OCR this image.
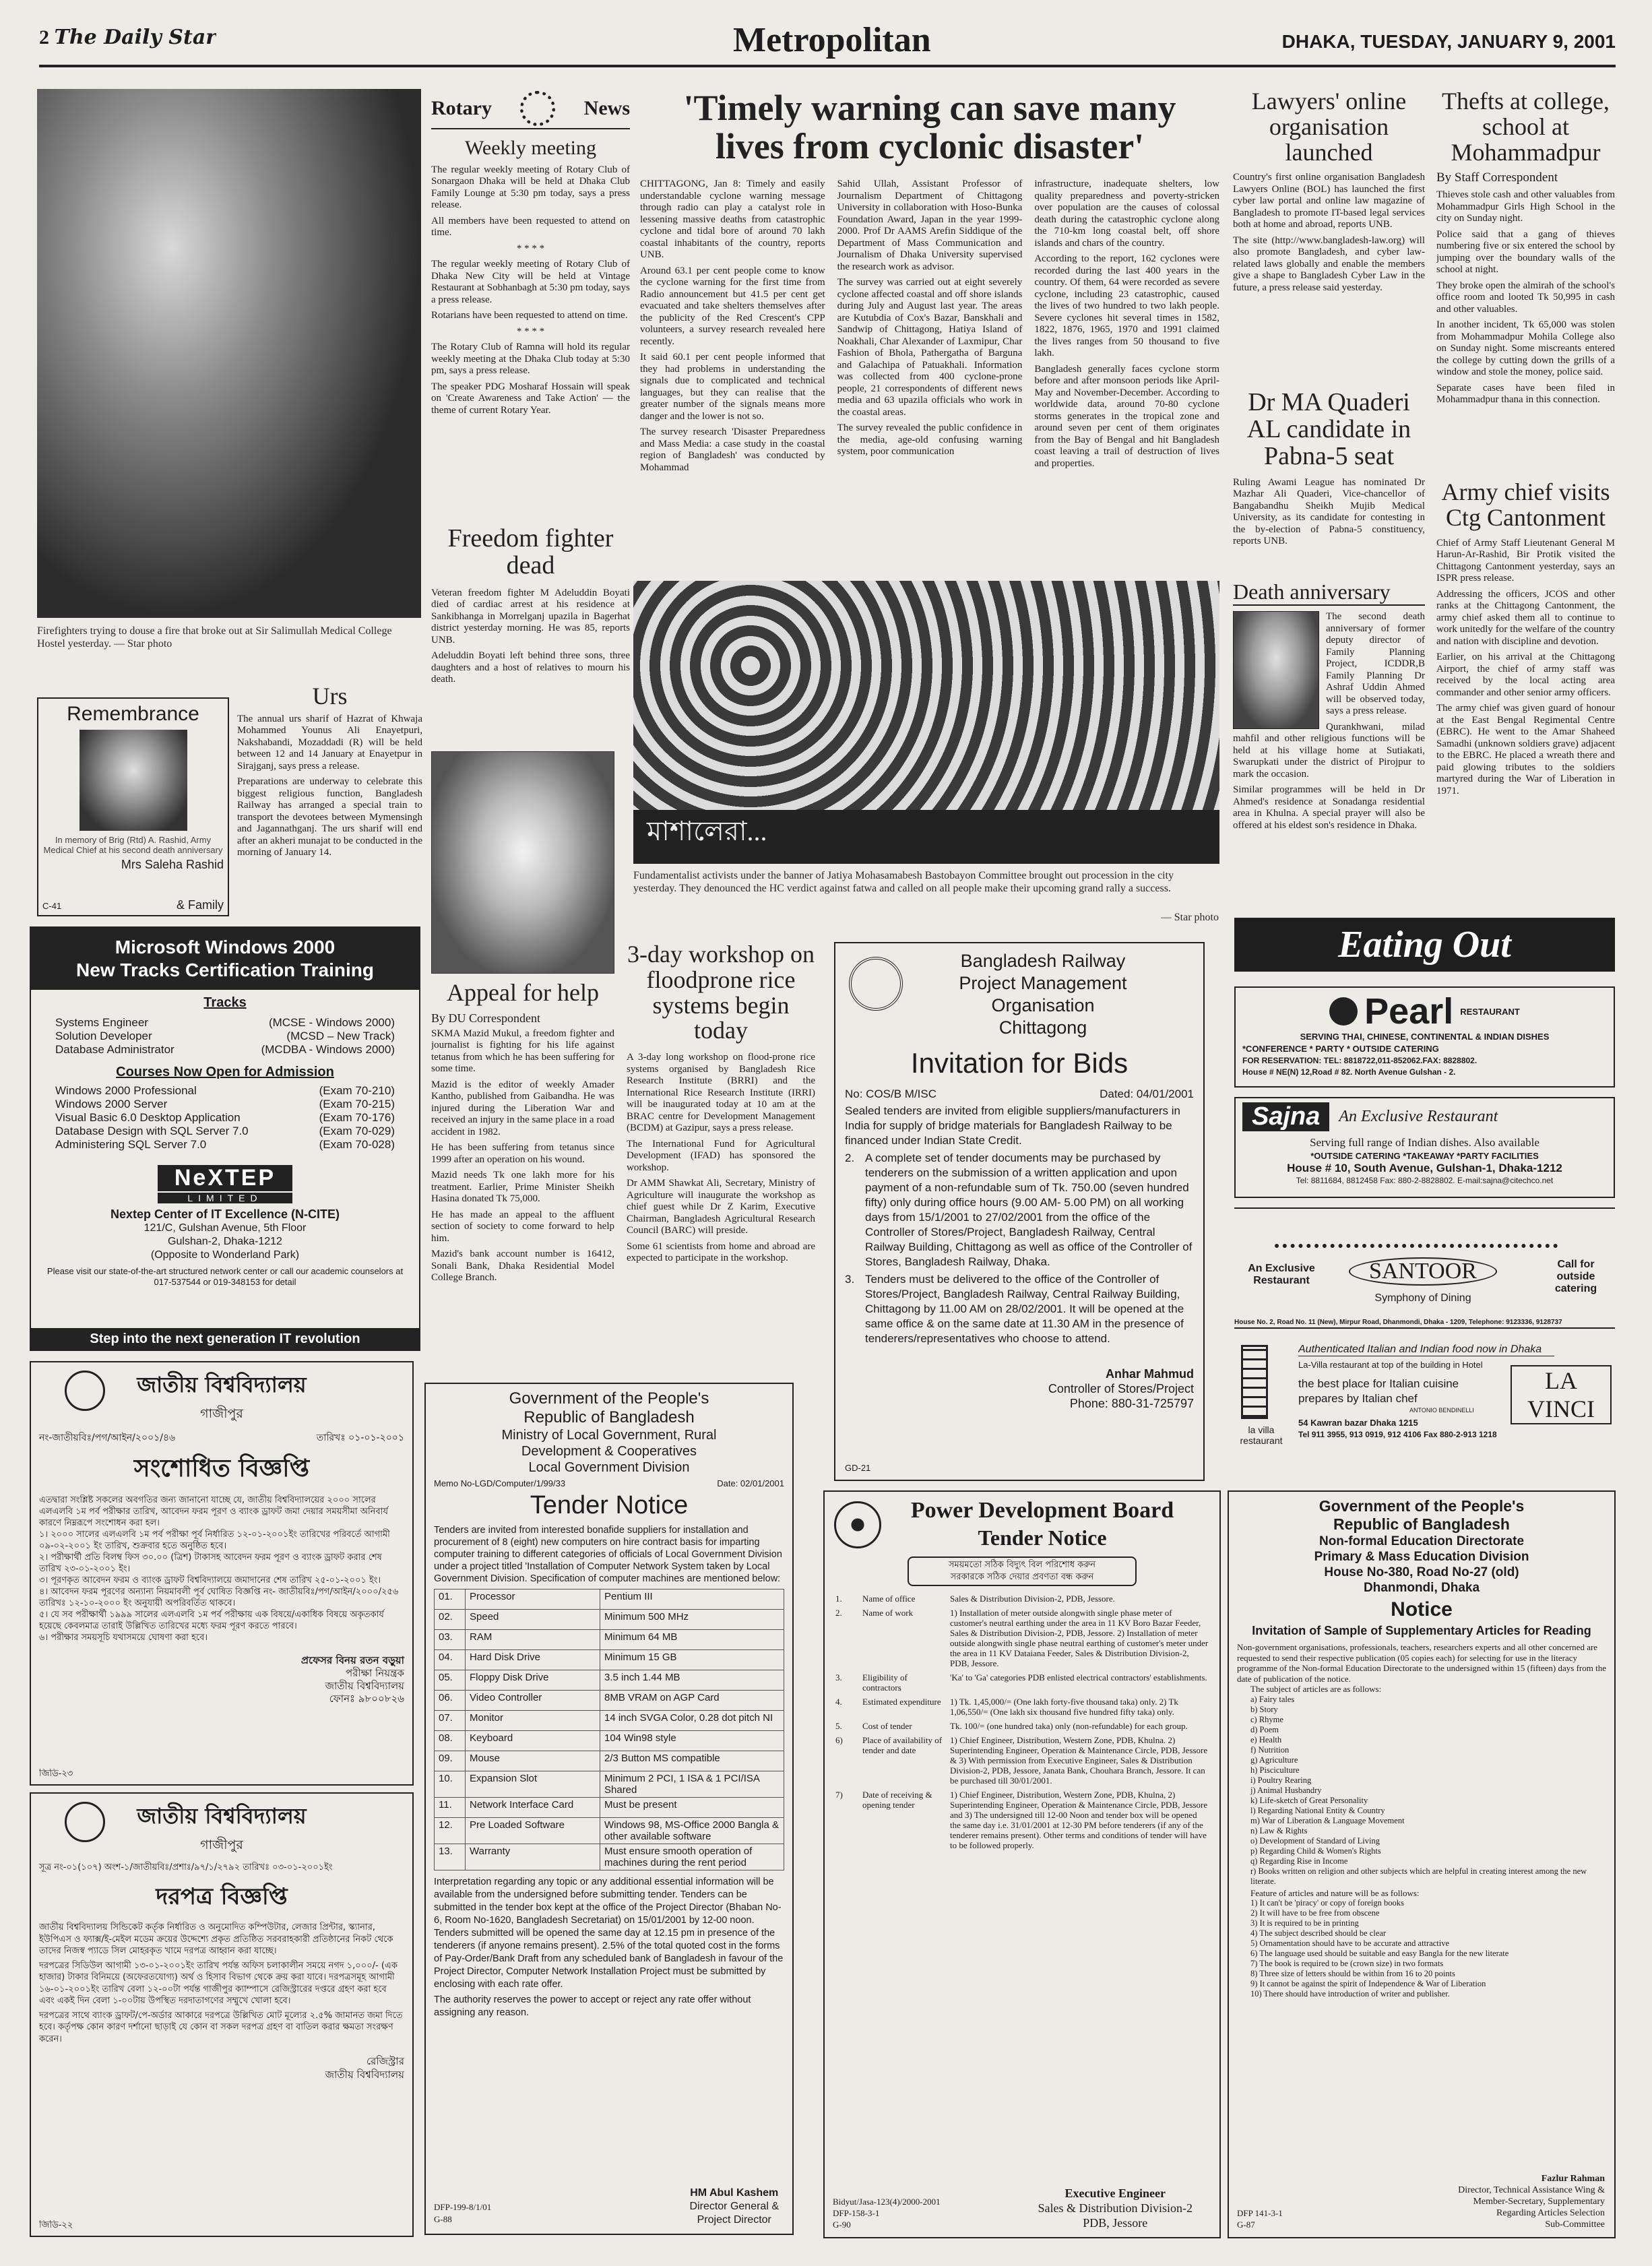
2 The Daily Star	Metropolitan	DHAKA, TUESDAY, JANUARY 9, 2001
Firefighters trying to douse a fire that broke out at Sir Salimullah Medical College Hostel yesterday. — Star photo
Rotary	News
Weekly meeting

The regular weekly meeting of Rotary Club of Sonargaon Dhaka will be held at Dhaka Club Family Lounge at 5:30 pm today, says a press release.

All members have been requested to attend on time.

* * * *

The regular weekly meeting of Rotary Club of Dhaka New City will be held at Vintage Restaurant at Sobhanbagh at 5:30 pm today, says a press release.

Rotarians have been requested to attend on time.

* * * *

The Rotary Club of Ramna will hold its regular weekly meeting at the Dhaka Club today at 5:30 pm, says a press release.

The speaker PDG Mosharaf Hossain will speak on 'Create Awareness and Take Action' — the theme of current Rotary Year.

Freedom fighter dead

Veteran freedom fighter M Adeluddin Boyati died of cardiac arrest at his residence at Sankibhanga in Morrelganj upazila in Bagerhat district yesterday morning. He was 85, reports UNB.

Adeluddin Boyati left behind three sons, three daughters and a host of relatives to mourn his death.

'Timely warning can save many lives from cyclonic disaster'

CHITTAGONG, Jan 8: Timely and easily understandable cyclone warning message through radio can play a catalyst role in lessening massive deaths from catastrophic cyclone and tidal bore of around 70 lakh coastal inhabitants of the country, reports UNB.

Around 63.1 per cent people come to know the cyclone warning for the first time from Radio announcement but 41.5 per cent get evacuated and take shelters themselves after the publicity of the Red Crescent's CPP volunteers, a survey research revealed here recently.

It said 60.1 per cent people informed that they had problems in understanding the signals due to complicated and technical languages, but they can realise that the greater number of the signals means more danger and the lower is not so.

The survey research 'Disaster Preparedness and Mass Media: a case study in the coastal region of Bangladesh' was conducted by Mohammad

Sahid Ullah, Assistant Professor of Journalism Department of Chittagong University in collaboration with Hoso-Bunka Foundation Award, Japan in the year 1999-2000. Prof Dr AAMS Arefin Siddique of the Department of Mass Communication and Journalism of Dhaka University supervised the research work as advisor.

The survey was carried out at eight severely cyclone affected coastal and off shore islands during July and August last year. The areas are Kutubdia of Cox's Bazar, Banskhali and Sandwip of Chittagong, Hatiya Island of Noakhali, Char Alexander of Laxmipur, Char Fashion of Bhola, Pathergatha of Barguna and Galachipa of Patuakhali. Information was collected from 400 cyclone-prone people, 21 correspondents of different news media and 63 upazila officials who work in the coastal areas.

The survey revealed the public confidence in the media, age-old confusing warning system, poor communication

infrastructure, inadequate shelters, low quality preparedness and poverty-stricken over population are the causes of colossal death during the catastrophic cyclone along the 710-km long coastal belt, off shore islands and chars of the country.

According to the report, 162 cyclones were recorded during the last 400 years in the country. Of them, 64 were recorded as severe cyclone, including 23 catastrophic, caused the lives of two hundred to two lakh people. Severe cyclones hit several times in 1582, 1822, 1876, 1965, 1970 and 1991 claimed the lives ranges from 50 thousand to five lakh.

Bangladesh generally faces cyclone storm before and after monsoon periods like April-May and November-December. According to worldwide data, around 70-80 cyclone storms generates in the tropical zone and around seven per cent of them originates from the Bay of Bengal and hit Bangladesh coast leaving a trail of destruction of lives and properties.

Lawyers' online organisation launched

Country's first online organisation Bangladesh Lawyers Online (BOL) has launched the first cyber law portal and online law magazine of Bangladesh to promote IT-based legal services both at home and abroad, reports UNB.

The site (http://www.bangladesh-law.org) will also promote Bangladesh, and cyber law-related laws globally and enable the members give a shape to Bangladesh Cyber Law in the future, a press release said yesterday.

Thefts at college, school at Mohammadpur
By Staff Correspondent

Thieves stole cash and other valuables from Mohammadpur Girls High School in the city on Sunday night.

Police said that a gang of thieves numbering five or six entered the school by jumping over the boundary walls of the school at night.

They broke open the almirah of the school's office room and looted Tk 50,995 in cash and other valuables.

In another incident, Tk 65,000 was stolen from Mohammadpur Mohila College also on Sunday night. Some miscreants entered the college by cutting down the grills of a window and stole the money, police said.

Separate cases have been filed in Mohammadpur thana in this connection.

Dr MA Quaderi AL candidate in Pabna-5 seat

Ruling Awami League has nominated Dr Mazhar Ali Quaderi, Vice-chancellor of Bangabandhu Sheikh Mujib Medical University, as its candidate for contesting in the by-election of Pabna-5 constituency, reports UNB.

Army chief visits Ctg Cantonment

Chief of Army Staff Lieutenant General M Harun-Ar-Rashid, Bir Protik visited the Chittagong Cantonment yesterday, says an ISPR press release.

Addressing the officers, JCOS and other ranks at the Chittagong Cantonment, the army chief asked them all to continue to work unitedly for the welfare of the country and nation with discipline and devotion.

Earlier, on his arrival at the Chittagong Airport, the chief of army staff was received by the local acting area commander and other senior army officers.

The army chief was given guard of honour at the East Bengal Regimental Centre (EBRC). He went to the Amar Shaheed Samadhi (unknown soldiers grave) adjacent to the EBRC. He placed a wreath there and paid glowing tributes to the soldiers martyred during the War of Liberation in 1971.

Death anniversary

The second death anniversary of former deputy director of Family Planning Project, ICDDR,B Family Planning Dr Ashraf Uddin Ahmed will be observed today, says a press release.

Qurankhwani, milad mahfil and other religious functions will be held at his village home at Sutiakati, Swarupkati under the district of Pirojpur to mark the occasion.

Similar programmes will be held in Dr Ahmed's residence at Sonadanga residential area in Khulna. A special prayer will also be offered at his eldest son's residence in Dhaka.

Remembrance
In memory of Brig (Rtd) A. Rashid, Army Medical Chief at his second death anniversary
Mrs Saleha Rashid
C-41	& Family
Urs

The annual urs sharif of Hazrat of Khwaja Mohammed Younus Ali Enayetpuri, Nakshabandi, Mozaddadi (R) will be held between 12 and 14 January at Enayetpur in Sirajganj, says press a release.

Preparations are underway to celebrate this biggest religious function, Bangladesh Railway has arranged a special train to transport the devotees between Mymensingh and Jagannathganj. The urs sharif will end after an akheri munajat to be conducted in the morning of January 14.

Appeal for help
By DU Correspondent

SKMA Mazid Mukul, a freedom fighter and journalist is fighting for his life against tetanus from which he has been suffering for some time.

Mazid is the editor of weekly Amader Kantho, published from Gaibandha. He was injured during the Liberation War and received an injury in the same place in a road accident in 1982.

He has been suffering from tetanus since 1999 after an operation on his wound.

Mazid needs Tk one lakh more for his treatment. Earlier, Prime Minister Sheikh Hasina donated Tk 75,000.

He has made an appeal to the affluent section of society to come forward to help him.

Mazid's bank account number is 16412, Sonali Bank, Dhaka Residential Model College Branch.

মাশালেরা...
Fundamentalist activists under the banner of Jatiya Mohasamabesh Bastobayon Committee brought out procession in the city yesterday. They denounced the HC verdict against fatwa and called on all people make their upcoming grand rally a success.
— Star photo
3-day workshop on floodprone rice systems begin today

A 3-day long workshop on flood-prone rice systems organised by Bangladesh Rice Research Institute (BRRI) and the International Rice Research Institute (IRRI) will be inaugurated today at 10 am at the BRAC centre for Development Management (BCDM) at Gazipur, says a press release.

The International Fund for Agricultural Development (IFAD) has sponsored the workshop.

Dr AMM Shawkat Ali, Secretary, Ministry of Agriculture will inaugurate the workshop as chief guest while Dr Z Karim, Executive Chairman, Bangladesh Agricultural Research Council (BARC) will preside.

Some 61 scientists from home and abroad are expected to participate in the workshop.

Bangladesh Railway
Project Management
Organisation
Chittagong
Invitation for Bids
No: COS/B M/ISC	Dated: 04/01/2001
Sealed tenders are invited from eligible suppliers/manufacturers in India for supply of bridge materials for Bangladesh Railway to be financed under Indian State Credit.
2. A complete set of tender documents may be purchased by tenderers on the submission of a written application and upon payment of a non-refundable sum of Tk. 750.00 (seven hundred fifty) only during office hours (9.00 AM- 5.00 PM) on all working days from 15/1/2001 to 27/02/2001 from the office of the Controller of Stores/Project, Bangladesh Railway, Central Railway Building, Chittagong as well as office of the Controller of Stores, Bangladesh Railway, Dhaka.
3. Tenders must be delivered to the office of the Controller of Stores/Project, Bangladesh Railway, Central Railway Building, Chittagong by 11.00 AM on 28/02/2001. It will be opened at the same office & on the same date at 11.30 AM in the presence of tenderers/representatives who choose to attend.
Anhar Mahmud
Controller of Stores/Project
Phone: 880-31-725797
GD-21
Eating Out
Pearl RESTAURANT
SERVING THAI, CHINESE, CONTINENTAL & INDIAN DISHES
*CONFERENCE * PARTY * OUTSIDE CATERING
FOR RESERVATION: TEL: 8818722,011-852062.FAX: 8828802.
House # NE(N) 12,Road # 82. North Avenue Gulshan - 2.
Sajna	An Exclusive Restaurant
Serving full range of Indian dishes. Also available
*OUTSIDE CATERING *TAKEAWAY *PARTY FACILITIES
House # 10, South Avenue, Gulshan-1, Dhaka-1212
Tel: 8811684, 8812458 Fax: 880-2-8828802. E-mail:sajna@citechco.net
An Exclusive Restaurant	SANTOOR
Symphony of Dining
Call for outside catering
House No. 2, Road No. 11 (New), Mirpur Road, Dhanmondi, Dhaka - 1209, Telephone: 9123336, 9128737
la villa restaurant
Authenticated Italian and Indian food now in Dhaka
La-Villa restaurant at top of the building in Hotel
the best place for Italian cuisine
prepares by Italian chef
ANTONIO BENDINELLI
54 Kawran bazar Dhaka 1215
Tel 911 3955, 913 0919, 912 4106 Fax 880-2-913 1218
LA VINCI
Microsoft Windows 2000
New Tracks Certification Training
Tracks
Systems Engineer	(MCSE - Windows 2000)
Solution Developer	(MCSD – New Track)
Database Administrator	(MCDBA - Windows 2000)
Courses Now Open for Admission
Windows 2000 Professional	(Exam 70-210)
Windows 2000 Server	(Exam 70-215)
Visual Basic 6.0 Desktop Application	(Exam 70-176)
Database Design with SQL Server 7.0	(Exam 70-029)
Administering SQL Server 7.0	(Exam 70-028)
NeXTEP
LIMITED
Nextep Center of IT Excellence (N-CITE)
121/C, Gulshan Avenue, 5th Floor
Gulshan-2, Dhaka-1212
(Opposite to Wonderland Park)
Please visit our state-of-the-art structured network center or call our academic counselors at 017-537544 or 019-348153 for detail
Step into the next generation IT revolution
জাতীয় বিশ্ববিদ্যালয়
গাজীপুর
নং-জাতীয়বিঃ/পগ/আইন/২০০১/৪৬	তারিখঃ ০১-০১-২০০১
সংশোধিত বিজ্ঞপ্তি
এতদ্বারা সংশ্লিষ্ট সকলের অবগতির জন্য জানানো যাচ্ছে যে, জাতীয় বিশ্ববিদ্যালয়ের ২০০০ সালের এলএলবি ১ম পর্ব পরীক্ষার তারিখ, আবেদন ফরম পূরণ ও ব্যাংক ড্রাফট জমা দেয়ার সময়সীমা অনিবার্য কারণে নিম্নরূপে সংশোধন করা হল।
১। ২০০০ সালের এলএলবি ১ম পর্ব পরীক্ষা পূর্ব নির্ধারিত ১২-০১-২০০১ইং তারিখের পরিবর্তে আগামী ০৯-০২-২০০১ ইং তারিখ, শুক্রবার হতে অনুষ্ঠিত হবে।
২। পরীক্ষার্থী প্রতি বিলম্ব ফিস ৩০.০০ (ত্রিশ) টাকাসহ আবেদন ফরম পূরণ ও ব্যাংক ড্রাফট করার শেষ তারিখ ২৩-০১-২০০১ ইং।
৩। পূরণকৃত আবেদন ফরম ও ব্যাংক ড্রাফট বিশ্ববিদ্যালয়ে জমাদানের শেষ তারিখ ২৫-০১-২০০১ ইং।
৪। আবেদন ফরম পূরণের অন্যান্য নিয়মাবলী পূর্ব ঘোষিত বিজ্ঞপ্তি নং- জাতীয়বিঃ/পগ/আইন/২০০০/২৫৬ তারিখঃ ১২-১০-২০০০ ইং অনুযায়ী অপরিবর্তিত থাকবে।
৫। যে সব পরীক্ষার্থী ১৯৯৯ সালের এলএলবি ১ম পর্ব পরীক্ষায় এক বিষয়ে/একাধিক বিষয়ে অকৃতকার্য হয়েছে কেবলমাত্র তারাই উল্লিখিত তারিখের মধ্যে ফরম পূরণ করতে পারবে।
৬। পরীক্ষার সময়সূচি যথাসময়ে ঘোষণা করা হবে।
প্রফেসর বিনয় রতন বড়ুয়া
পরীক্ষা নিয়ন্ত্রক
জাতীয় বিশ্ববিদ্যালয়
ফোনঃ ৯৮০০৮২৬
জিডি-২৩
জাতীয় বিশ্ববিদ্যালয়
গাজীপুর
সূত্র নং-০১(১০৭) অংশ-১/জাতীয়বিঃ/প্রশাঃ/৯৭/১/২৭৯২ তারিখঃ ০৩-০১-২০০১ইং
দরপত্র বিজ্ঞপ্তি
জাতীয় বিশ্ববিদ্যালয় সিন্ডিকেট কর্তৃক নির্ধারিত ও অনুমোদিত কম্পিউটার, লেজার প্রিন্টার, স্ক্যানার, ইউপিএস ও ফ্যাক্স/ই-মেইল মডেম ক্রয়ের উদ্দেশ্যে প্রকৃত প্রতিষ্ঠিত সরবরাহকারী প্রতিষ্ঠানের নিকট থেকে তাদের নিজস্ব প্যাডে সিল মোহরকৃত খামে দরপত্র আহ্বান করা যাচ্ছে।
দরপত্রের সিডিউল আগামী ১৩-০১-২০০১ইং তারিখ পর্যন্ত অফিস চলাকালীন সময়ে নগদ ১,০০০/- (এক হাজার) টাকার বিনিময়ে (অফেরতযোগ্য) অর্থ ও হিসাব বিভাগ থেকে ক্রয় করা যাবে। দরপত্রসমূহ আগামী ১৬-০১-২০০১ইং তারিখ বেলা ১২-০০টা পর্যন্ত গাজীপুর ক্যাম্পাসে রেজিস্ট্রারের দপ্তরে গ্রহণ করা হবে এবং একই দিন বেলা ১-০০টায় উপস্থিত দরদাতাগণের সম্মুখে খোলা হবে।
দরপত্রের সাথে ব্যাংক ড্রাফট/পে-অর্ডার আকারে দরপত্রে উল্লিখিত মোট মূল্যের ২.৫% জামানত জমা দিতে হবে। কর্তৃপক্ষ কোন কারণ দর্শানো ছাড়াই যে কোন বা সকল দরপত্র গ্রহণ বা বাতিল করার ক্ষমতা সংরক্ষণ করেন।
রেজিস্ট্রার
জাতীয় বিশ্ববিদ্যালয়
জিডি-২২
Government of the People's
Republic of Bangladesh
Ministry of Local Government, Rural
Development & Cooperatives
Local Government Division
Memo No-LGD/Computer/1/99/33	Date: 02/01/2001
Tender Notice
Tenders are invited from interested bonafide suppliers for installation and procurement of 8 (eight) new computers on hire contract basis for imparting computer training to different categories of officials of Local Government Division under a project titled 'Installation of Computer Network System taken by Local Government Division. Specification of computer machines are mentioned below:
01.	Processor	Pentium III
02.	Speed	Minimum 500 MHz
03.	RAM	Minimum 64 MB
04.	Hard Disk Drive	Minimum 15 GB
05.	Floppy Disk Drive	3.5 inch 1.44 MB
06.	Video Controller	8MB VRAM on AGP Card
07.	Monitor	14 inch SVGA Color, 0.28 dot pitch NI
08.	Keyboard	104 Win98 style
09.	Mouse	2/3 Button MS compatible
10.	Expansion Slot	Minimum 2 PCI, 1 ISA & 1 PCI/ISA Shared
11.	Network Interface Card	Must be present
12.	Pre Loaded Software	Windows 98, MS-Office 2000 Bangla & other available software
13.	Warranty	Must ensure smooth operation of machines during the rent period
Interpretation regarding any topic or any additional essential information will be available from the undersigned before submitting tender. Tenders can be submitted in the tender box kept at the office of the Project Director (Bhaban No-6, Room No-1620, Bangladesh Secretariat) on 15/01/2001 by 12-00 noon. Tenders submitted will be opened the same day at 12.15 pm in presence of the tenderers (if anyone remains present). 2.5% of the total quoted cost in the forms of Pay-Order/Bank Draft from any scheduled bank of Bangladesh in favour of the Project Director, Computer Network Installation Project must be submitted by enclosing with each rate offer.
The authority reserves the power to accept or reject any rate offer without assigning any reason.
HM Abul Kashem
Director General &
Project Director
DFP-199-8/1/01
G-88
Power Development Board
Tender Notice
সময়মতো সঠিক বিদ্যুৎ বিল পরিশোধ করুন
সরকারকে সঠিক দেয়ার প্রবণতা বন্ধ করুন
1.	Name of office	Sales & Distribution Division-2, PDB, Jessore.
2.	Name of work	1) Installation of meter outside alongwith single phase meter of customer's neutral earthing under the area in 11 KV Boro Bazar Feeder, Sales & Distribution Division-2, PDB, Jessore. 2) Installation of meter outside alongwith single phase neutral earthing of customer's meter under the area in 11 KV Dataiana Feeder, Sales & Distribution Division-2, PDB, Jessore.
3.	Eligibility of contractors	'Ka' to 'Ga' categories PDB enlisted electrical contractors' establishments.
4.	Estimated expenditure	1) Tk. 1,45,000/= (One lakh forty-five thousand taka) only. 2) Tk 1,06,550/= (One lakh six thousand five hundred fifty taka) only.
5.	Cost of tender	Tk. 100/= (one hundred taka) only (non-refundable) for each group.
6)	Place of availability of tender and date	1) Chief Engineer, Distribution, Western Zone, PDB, Khulna. 2) Superintending Engineer, Operation & Maintenance Circle, PDB, Jessore & 3) With permission from Executive Engineer, Sales & Distribution Division-2, PDB, Jessore, Janata Bank, Chouhara Branch, Jessore. It can be purchased till 30/01/2001.
7)	Date of receiving & opening tender	1) Chief Engineer, Distribution, Western Zone, PDB, Khulna, 2) Superintending Engineer, Operation & Maintenance Circle, PDB, Jessore and 3) The undersigned till 12-00 Noon and tender box will be opened the same day i.e. 31/01/2001 at 12-30 PM before tenderers (if any of the tenderer remains present). Other terms and conditions of tender will have to be followed properly.
Bidyut/Jasa-123(4)/2000-2001
DFP-158-3-1
G-90
Executive Engineer
Sales & Distribution Division-2
PDB, Jessore
Government of the People's
Republic of Bangladesh
Non-formal Education Directorate
Primary & Mass Education Division
House No-380, Road No-27 (old)
Dhanmondi, Dhaka
Notice
Invitation of Sample of Supplementary Articles for Reading
Non-government organisations, professionals, teachers, researchers experts and all other concerned are requested to send their respective publication (05 copies each) for selecting for use in the literacy programme of the Non-formal Education Directorate to the undersigned within 15 (fifteen) days from the date of publication of the notice.
The subject of articles are as follows:
a) Fairy tales
b) Story
c) Rhyme
d) Poem
e) Health
f) Nutrition
g) Agriculture
h) Pisciculture
i) Poultry Rearing
j) Animal Husbandry
k) Life-sketch of Great Personality
l) Regarding National Entity & Country
m) War of Liberation & Language Movement
n) Law & Rights
o) Development of Standard of Living
p) Regarding Child & Women's Rights
q) Regarding Rise in Income
r) Books written on religion and other subjects which are helpful in creating interest among the new literate.
Feature of articles and nature will be as follows:
1) It can't be 'piracy' or copy of foreign books
2) It will have to be free from obscene
3) It is required to be in printing
4) The subject described should be clear
5) Ornamentation should have to be accurate and attractive
6) The language used should be suitable and easy Bangla for the new literate
7) The book is required to be (crown size) in two formats
8) Three size of letters should be within from 16 to 20 points
9) It cannot be against the spirit of Independence & War of Liberation
10) There should have introduction of writer and publisher.
Fazlur Rahman
Director, Technical Assistance Wing &
Member-Secretary, Supplementary
Regarding Articles Selection
Sub-Committee
DFP 141-3-1
G-87
